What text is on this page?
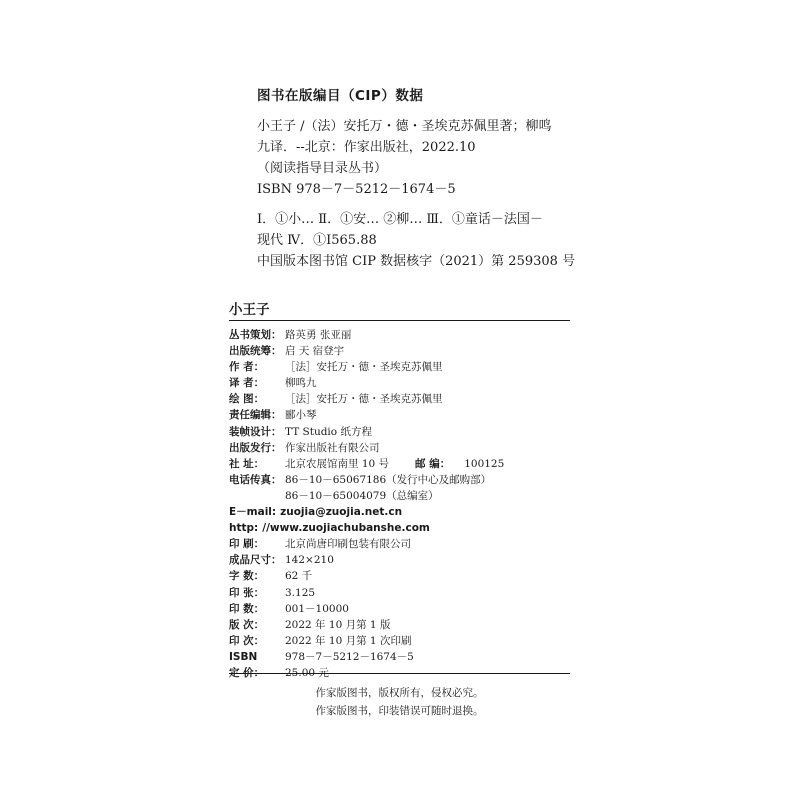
图书在版编目（CIP）数据
小王子 /（法）安托万・德・圣埃克苏佩里著；柳鸣
九译．--北京：作家出版社，2022.10
（阅读指导目录丛书）
ISBN 978－7－5212－1674－5
Ⅰ．①小… Ⅱ．①安… ②柳… Ⅲ．①童话－法国－
现代 Ⅳ．①I565.88
中国版本图书馆 CIP 数据核字（2021）第 259308 号
小王子
丛书策划： 路英勇 张亚丽
出版统筹： 启 天 宿登宇
作 者： ［法］安托万・德・圣埃克苏佩里
译 者： 柳鸣九
绘 图： ［法］安托万・德・圣埃克苏佩里
责任编辑： 郦小琴
装帧设计： TT Studio 纸方程
出版发行： 作家出版社有限公司
社 址： 北京农展馆南里 10 号 邮 编： 100125
电话传真： 86－10－65067186（发行中心及邮购部）
86－10－65004079（总编室）
E－mail: zuojia@zuojia.net.cn
http: //www.zuojiachubanshe.com
印 刷： 北京尚唐印刷包装有限公司
成品尺寸： 142×210
字 数： 62 千
印 张： 3.125
印 数： 001－10000
版 次： 2022 年 10 月第 1 版
印 次： 2022 年 10 月第 1 次印刷
ISBN	978－7－5212－1674－5
定 价： 25.00 元
作家版图书，版权所有，侵权必究。
作家版图书，印装错误可随时退换。
